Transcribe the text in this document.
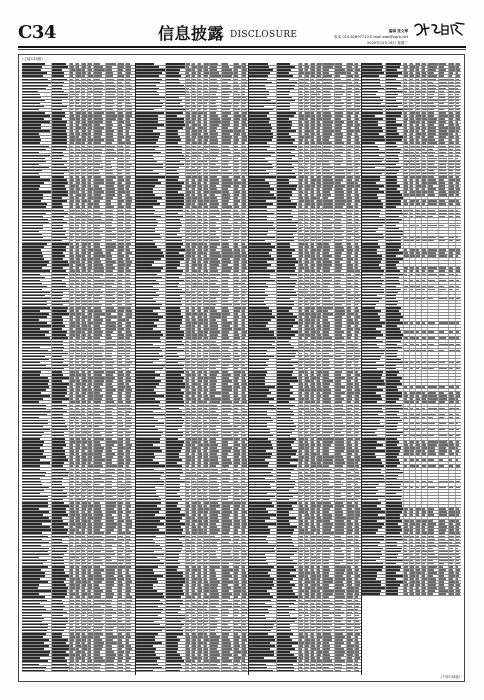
C34	信息披露 DISCLOSURE	编辑 张文博
电话 010-82697710 E-mail zwb@zqrb.net
2020年12月16日 星期三
(上接C33版)
(下转C35版)
